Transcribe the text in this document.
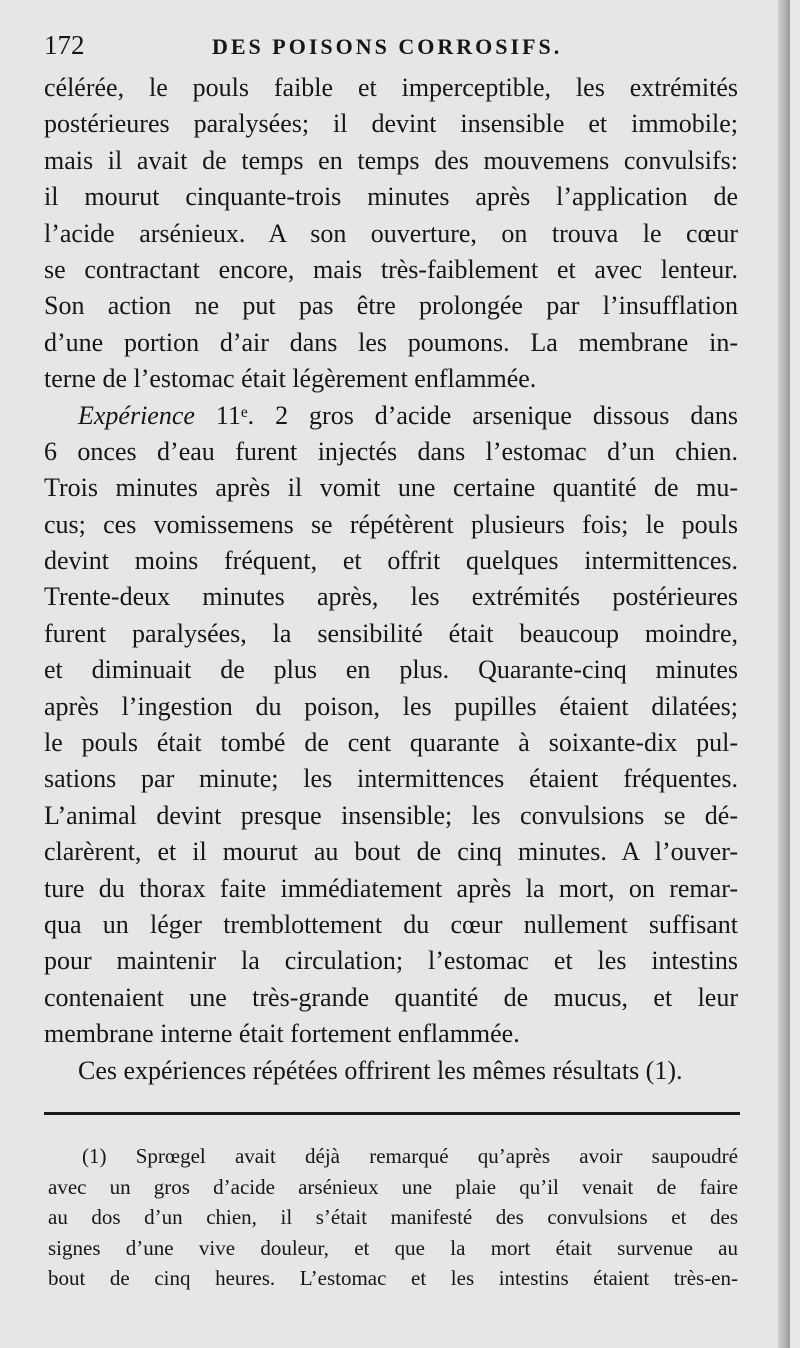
172	DES POISONS CORROSIFS.
célérée, le pouls faible et imperceptible, les extrémités
postérieures paralysées; il devint insensible et immobile;
mais il avait de temps en temps des mouvemens convulsifs:
il mourut cinquante-trois minutes après l’application de
l’acide arsénieux. A son ouverture, on trouva le cœur
se contractant encore, mais très-faiblement et avec lenteur.
Son action ne put pas être prolongée par l’insufflation
d’une portion d’air dans les poumons. La membrane in-
terne de l’estomac était légèrement enflammée.
Expérience 11ᵉ. 2 gros d’acide arsenique dissous dans
6 onces d’eau furent injectés dans l’estomac d’un chien.
Trois minutes après il vomit une certaine quantité de mu-
cus; ces vomissemens se répétèrent plusieurs fois; le pouls
devint moins fréquent, et offrit quelques intermittences.
Trente-deux minutes après, les extrémités postérieures
furent paralysées, la sensibilité était beaucoup moindre,
et diminuait de plus en plus. Quarante-cinq minutes
après l’ingestion du poison, les pupilles étaient dilatées;
le pouls était tombé de cent quarante à soixante-dix pul-
sations par minute; les intermittences étaient fréquentes.
L’animal devint presque insensible; les convulsions se dé-
clarèrent, et il mourut au bout de cinq minutes. A l’ouver-
ture du thorax faite immédiatement après la mort, on remar-
qua un léger tremblottement du cœur nullement suffisant
pour maintenir la circulation; l’estomac et les intestins
contenaient une très-grande quantité de mucus, et leur
membrane interne était fortement enflammée.
Ces expériences répétées offrirent les mêmes résultats (1).
(1) Sprœgel avait déjà remarqué qu’après avoir saupoudré
avec un gros d’acide arsénieux une plaie qu’il venait de faire
au dos d’un chien, il s’était manifesté des convulsions et des
signes d’une vive douleur, et que la mort était survenue au
bout de cinq heures. L’estomac et les intestins étaient très-en-
